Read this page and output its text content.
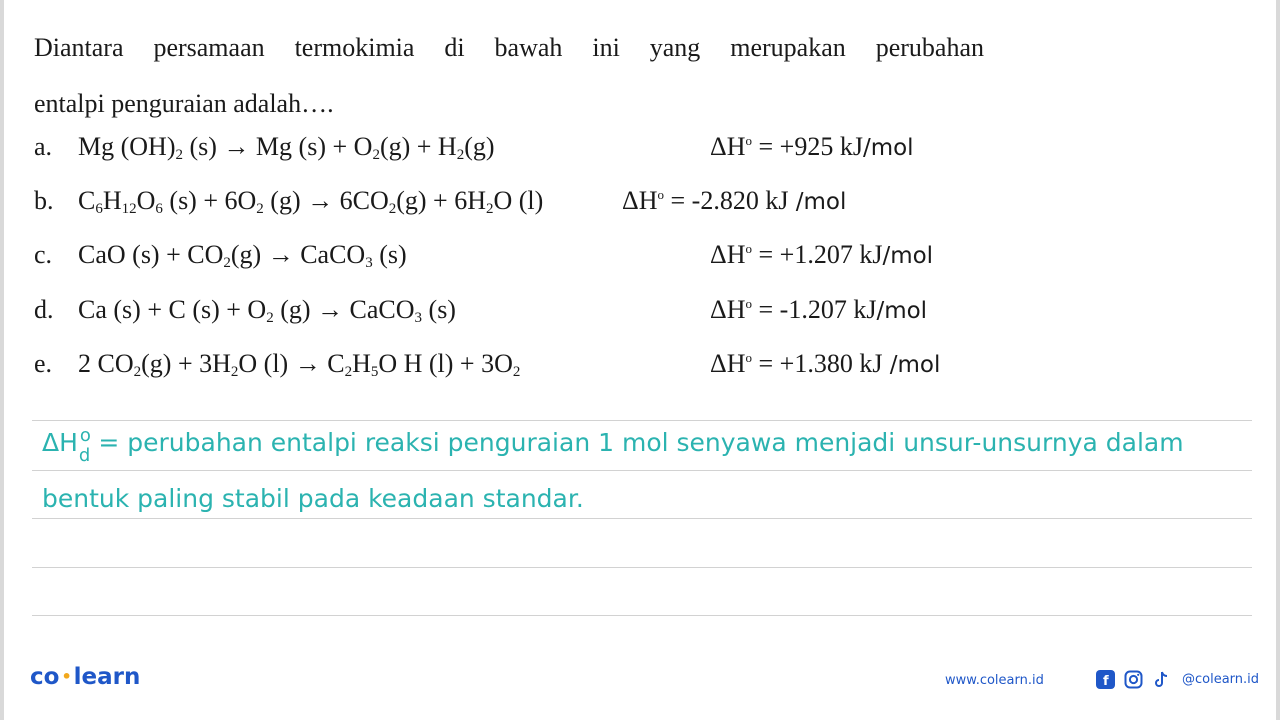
Diantara persamaan termokimia di bawah ini yang merupakan perubahan
entalpi penguraian adalah….
a. Mg $(OH)_2$ (s) → Mg $(s) + O_2(g) + H_2(g)$	$\Delta H^o = +925$ kJ/mol
b. $C_6H_{12}O_6$ $(s) + 6O_2$ $(g) \to 6CO_2(g) + 6H_2O$ (l)	$\Delta H^o = -2.820$ kJ /mol
c. CaO $(s) + CO_2(g)$ → CaCO$_3$ (s)	$\Delta H^o = +1.207$ kJ/mol
d. Ca (s) + C $(s) + O_2$ (g) → CaCO$_3$ (s)	$\Delta H^o = -1.207$ kJ/mol
e. 2 $CO_2(g) + 3H_2O$ $(l) \to C_2H_5O$ H $(l) + 3O_2$	$\Delta H^o = +1.380$ kJ /mol
ΔH $^o_d$ = perubahan entalpi reaksi penguraian 1 mol senyawa menjadi unsur-unsurnya dalam
bentuk paling stabil pada keadaan standar.
co •learn	www.colearn.id	f	@colearn.id
